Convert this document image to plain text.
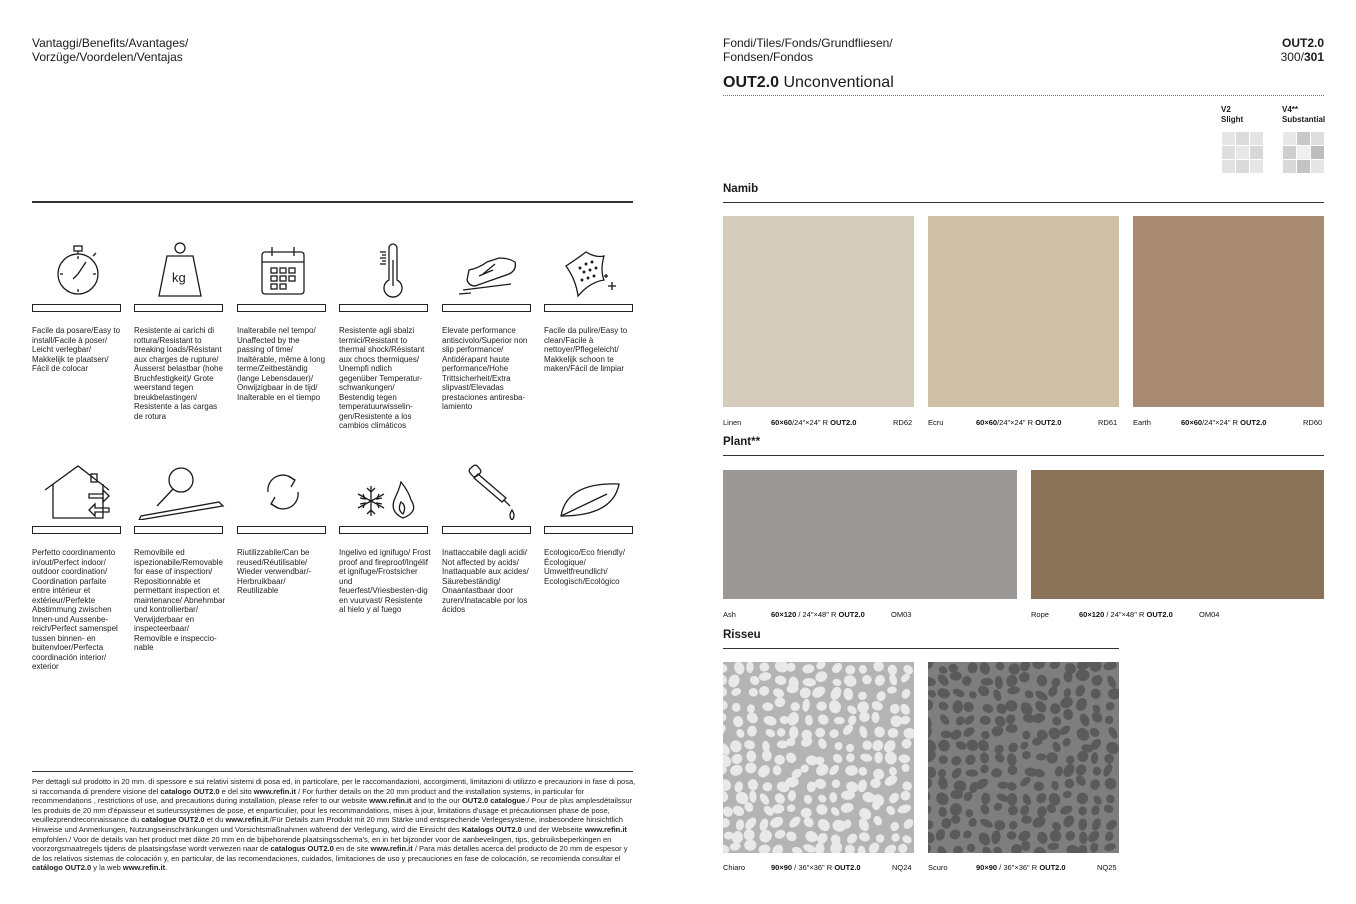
Vantaggi/Benefits/Avantages/
Vorzüge/Voordelen/Ventajas
Facile da posare/Easy to install/Facile à poser/ Leicht verlegbar/ Makkelijk te plaatsen/ Fácil de colocar
kg
Resistente ai carichi di rottura/Resistant to breaking loads/Résistant aux charges de rupture/ Äusserst belastbar (hohe Bruchfestigkeit)/ Grote weerstand tegen breukbelastingen/ Resistente a las cargas de rotura
Inalterabile nel tempo/ Unaffected by the passing of time/ Inaltérable, même à long terme/Zeitbeständig (lange Lebensdauer)/ Onwijzigbaar in de tijd/ Inalterable en el tiempo
Resistente agli sbalzi termici/Resistant to thermal shock/Résistant aux chocs thermiques/ Unempfi ndlich gegenüber Temperatur-schwankungen/ Bestendig tegen temperatuurwisselin-gen/Resistente a los cambios climáticos
Elevate performance antiscivolo/Superior non slip performance/ Antidérapant haute performance/Hohe Trittsicherheit/Extra slipvast/Elevadas prestaciones antiresba-lamiento
Facile da pulire/Easy to clean/Facile à nettoyer/Pflegeleicht/ Makkelijk schoon te maken/Fácil de limpiar
Perfetto coordinamento in/out/Perfect indoor/ outdoor coordination/ Coordination parfaite entre intérieur et extérieur/Perfekte Abstimmung zwischen Innen-und Aussenbe-reich/Perfect samenspel tussen binnen- en buitenvloer/Perfecta coordinación interior/ exterior
Removibile ed ispezionabile/Removable for ease of inspection/ Repositionnable et permettant inspection et maintenance/ Abnehmbar und kontrollierbar/ Verwijderbaar en inspecteerbaar/ Removible e inspeccio-nable
Riutilizzabile/Can be reused/Réutilisable/ Wieder verwendbar/- Herbruikbaar/ Reutilizable
Ingelivo ed ignifugo/ Frost proof and fireproof/Ingélif et ignifuge/Frostsicher und feuerfest/Vriesbesten-dig en vuurvast/ Resistente al hielo y al fuego
Inattaccabile dagli acidi/ Not affected by acids/ Inattaquable aux acides/ Säurebeständig/ Onaantastbaar door zuren/Inatacable por los ácidos
Ecologico/Eco friendly/ Écologique/ Umweltfreundlich/ Ecologisch/Ecológico
Per dettagli sul prodotto in 20 mm. di spessore e sui relativi sistemi di posa ed, in particolare, per le raccomandazioni, accorgimenti, limitazioni di utilizzo e precauzioni in fase di posa, si raccomanda di prendere visione del catalogo OUT2.0 e del sito www.refin.it / For further details on the 20 mm product and the installation systems, in particular for recommendations , restrictions of use, and precautions during installation, please refer to our website www.refin.it and to the our OUT2.0 catalogue./ Pour de plus amplesdétailssur les produits de 20 mm d'épaisseur et surleurssystèmes de pose, et enparticulier, pour les recommandations, mises à jour, limitations d'usage et précautionsen phase de pose, veuillezprendreconnaissance du catalogue OUT2.0 et du www.refin.it./Für Details zum Produkt mit 20 mm Stärke und entsprechende Verlegesysteme, insbesondere hinsichtlich Hinweise und Anmerkungen, Nutzungseinschränkungen und Vorsichtsmaßnahmen während der Verlegung, wird die Einsicht des Katalogs OUT2.0 und der Webseite www.refin.it empfohlen./ Voor de details van het product met dikte 20 mm en de bijbehorende plaatsingsschema's, en in het bijzonder voor de aanbevelingen, tips, gebruiksbeperkingen en voorzorgsmaatregels tijdens de plaatsingsfase wordt verwezen naar de catalogus OUT2.0 en de site www.refin.it / Para más detalles acerca del producto de 20 mm de espesor y de los relativos sistemas de colocación y, en particular, de las recomendaciones, cuidados, limitaciones de uso y precauciones en fase de colocación, se recomienda consultar el catálogo OUT2.0 y la web www.refin.it.
Fondi/Tiles/Fonds/Grundfliesen/
Fondsen/Fondos
OUT2.0
300/301
OUT2.0 Unconventional
V2
Slight
V4**
Substantial
Namib
Linen	60×60/24"×24" R OUT2.0	RD62 Ecru	60×60/24"×24" R OUT2.0	RD61 Earth	60×60/24"×24" R OUT2.0	RD60
Plant**
Ash	60×120 / 24"×48" R OUT2.0	OM03	Rope	60×120 / 24"×48" R OUT2.0	OM04
Risseu
Chiaro	90×90 / 36"×36" R OUT2.0	NQ24 Scuro	90×90 / 36"×36" R OUT2.0	NQ25
